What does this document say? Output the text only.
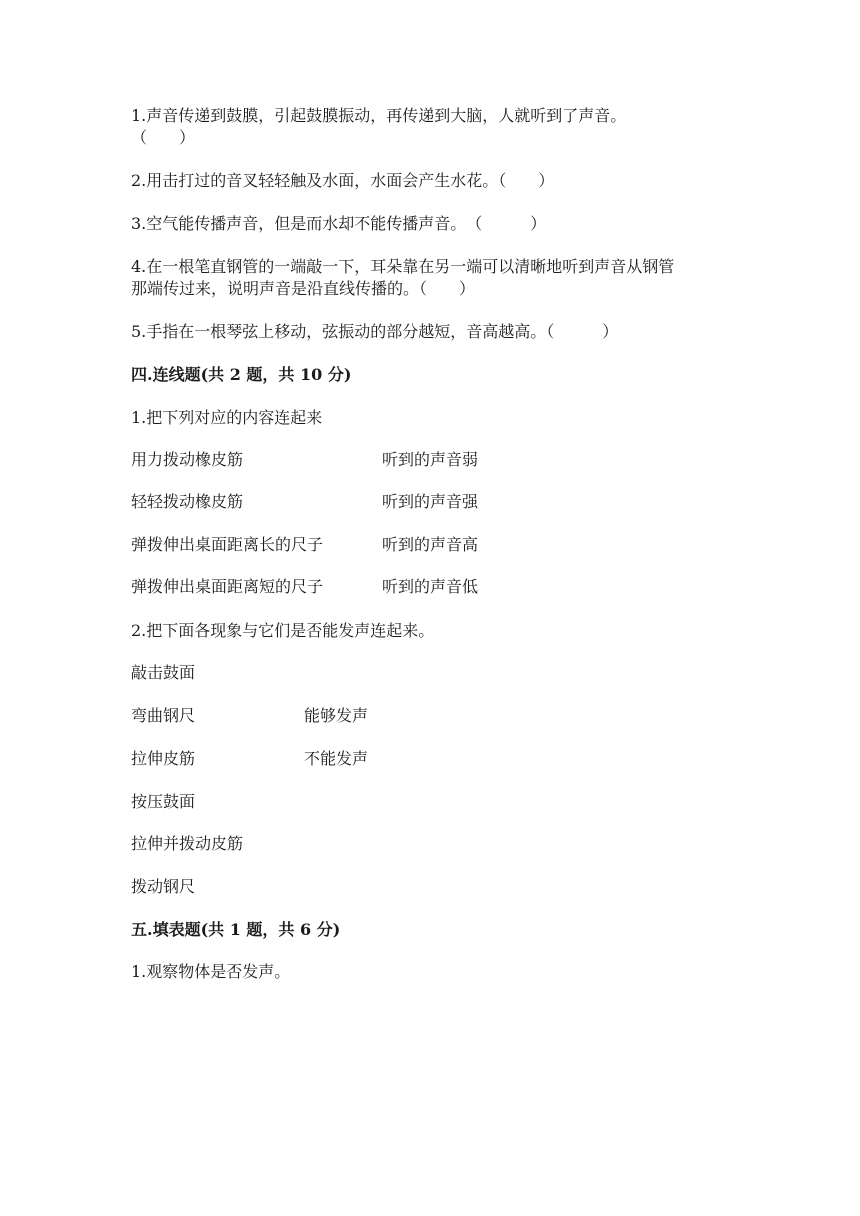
1.声音传递到鼓膜，引起鼓膜振动，再传递到大脑，人就听到了声音。
（　　）
2.用击打过的音叉轻轻触及水面，水面会产生水花。（　　）
3.空气能传播声音，但是而水却不能传播声音。　（　　　）
4.在一根笔直钢管的一端敲一下，耳朵靠在另一端可以清晰地听到声音从钢管
那端传过来，说明声音是沿直线传播的。（　　）
5.手指在一根琴弦上移动，弦振动的部分越短，音高越高。（　　　）
四.连线题(共 2 题，共 10 分)
1.把下列对应的内容连起来
用力拨动橡皮筋	听到的声音弱
轻轻拨动橡皮筋	听到的声音强
弹拨伸出桌面距离长的尺子	听到的声音高
弹拨伸出桌面距离短的尺子	听到的声音低
2.把下面各现象与它们是否能发声连起来。
敲击鼓面
弯曲钢尺	能够发声
拉伸皮筋	不能发声
按压鼓面
拉伸并拨动皮筋
拨动钢尺
五.填表题(共 1 题，共 6 分)
1.观察物体是否发声。
